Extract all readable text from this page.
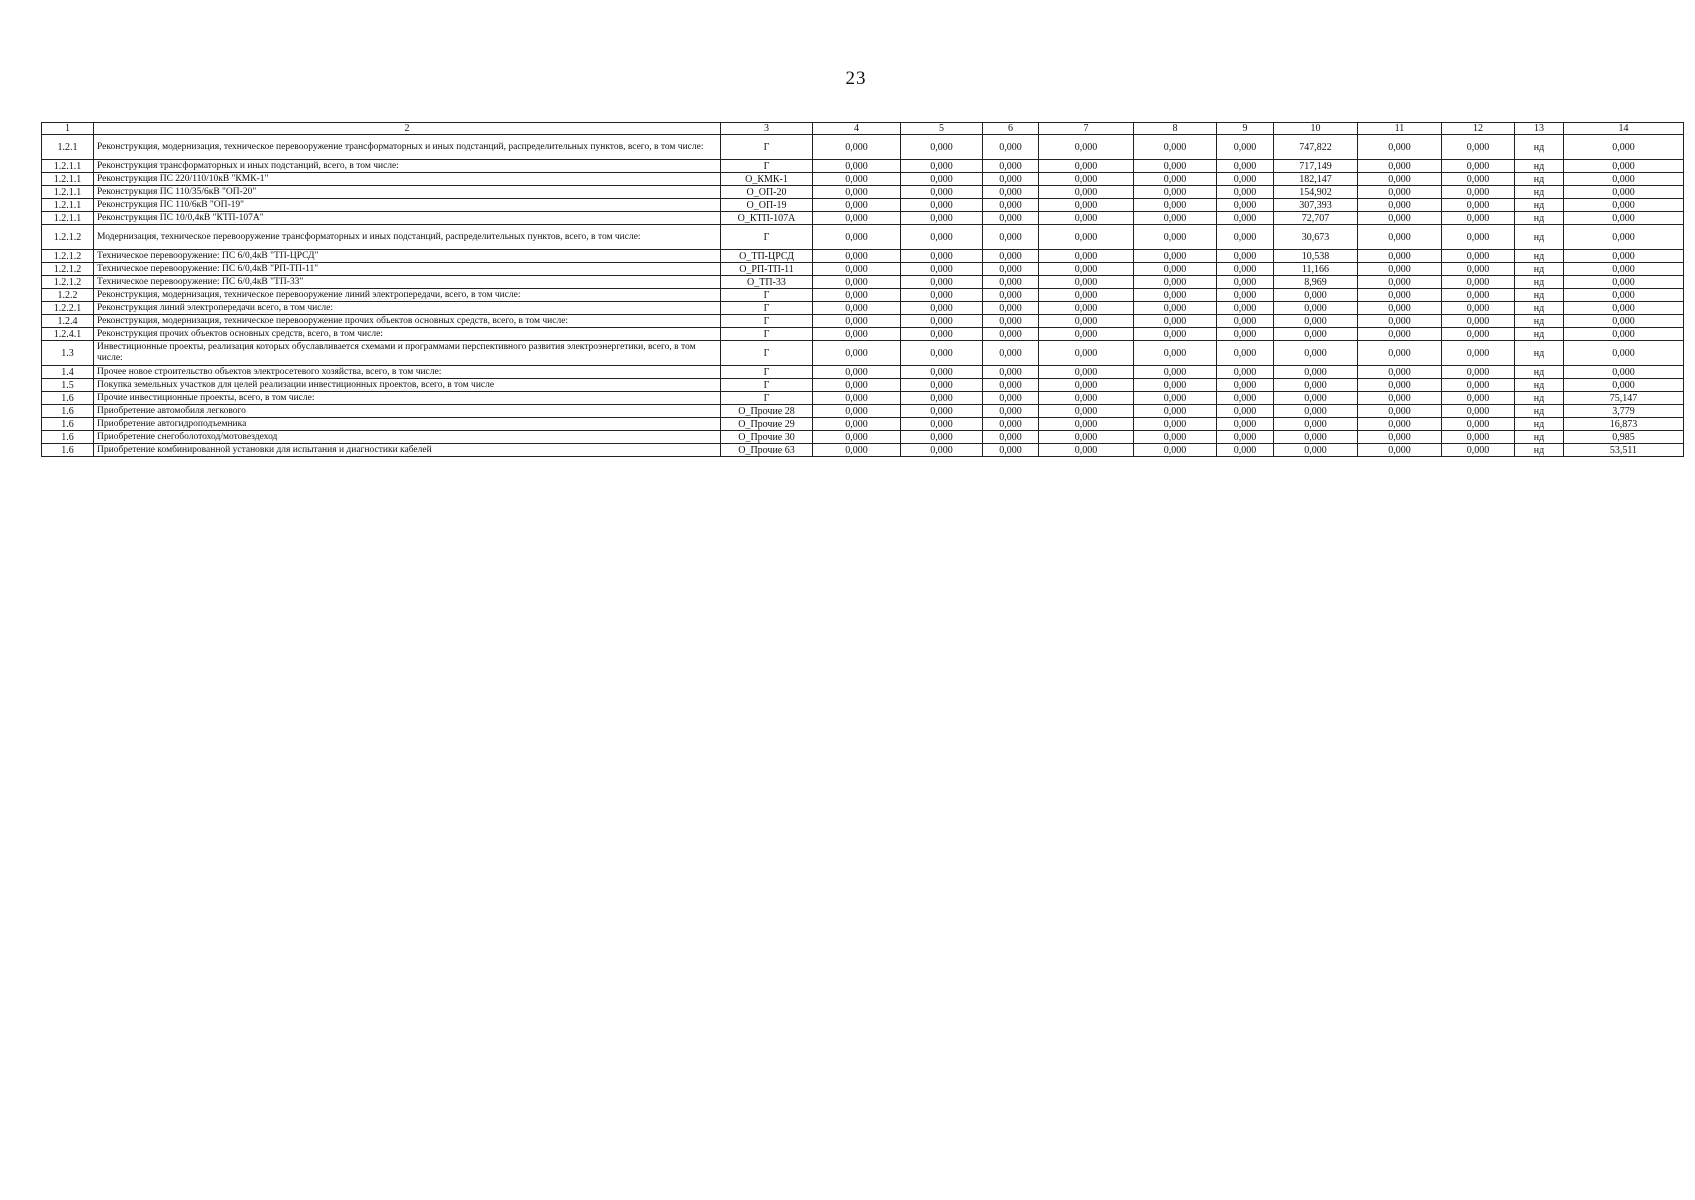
23
1	2	3	4	5	6	7	8	9	10	11	12	13	14
1.2.1	Реконструкция, модернизация, техническое перевооружение трансформаторных и иных подстанций, распределительных пунктов, всего, в том числе:	Г	0,000	0,000	0,000	0,000	0,000	0,000	747,822	0,000	0,000	нд	0,000
1.2.1.1	Реконструкция трансформаторных и иных подстанций, всего, в том числе:	Г	0,000	0,000	0,000	0,000	0,000	0,000	717,149	0,000	0,000	нд	0,000
1.2.1.1	Реконструкция ПС 220/110/10кВ "КМК-1"	О_КМК-1	0,000	0,000	0,000	0,000	0,000	0,000	182,147	0,000	0,000	нд	0,000
1.2.1.1	Реконструкция ПС 110/35/6кВ "ОП-20"	О_ОП-20	0,000	0,000	0,000	0,000	0,000	0,000	154,902	0,000	0,000	нд	0,000
1.2.1.1	Реконструкция ПС 110/6кВ "ОП-19"	О_ОП-19	0,000	0,000	0,000	0,000	0,000	0,000	307,393	0,000	0,000	нд	0,000
1.2.1.1	Реконструкция ПС 10/0,4кВ "КТП-107А"	О_КТП-107А	0,000	0,000	0,000	0,000	0,000	0,000	72,707	0,000	0,000	нд	0,000
1.2.1.2	Модернизация, техническое перевооружение трансформаторных и иных подстанций, распределительных пунктов, всего, в том числе:	Г	0,000	0,000	0,000	0,000	0,000	0,000	30,673	0,000	0,000	нд	0,000
1.2.1.2	Техническое перевооружение: ПС 6/0,4кВ "ТП-ЦРСД"	О_ТП-ЦРСД	0,000	0,000	0,000	0,000	0,000	0,000	10,538	0,000	0,000	нд	0,000
1.2.1.2	Техническое перевооружение: ПС 6/0,4кВ "РП-ТП-11"	О_РП-ТП-11	0,000	0,000	0,000	0,000	0,000	0,000	11,166	0,000	0,000	нд	0,000
1.2.1.2	Техническое перевооружение: ПС 6/0,4кВ "ТП-33"	О_ТП-33	0,000	0,000	0,000	0,000	0,000	0,000	8,969	0,000	0,000	нд	0,000
1.2.2	Реконструкция, модернизация, техническое перевооружение линий электропередачи, всего, в том числе:	Г	0,000	0,000	0,000	0,000	0,000	0,000	0,000	0,000	0,000	нд	0,000
1.2.2.1	Реконструкция линий электропередачи всего, в том числе:	Г	0,000	0,000	0,000	0,000	0,000	0,000	0,000	0,000	0,000	нд	0,000
1.2.4	Реконструкция, модернизация, техническое перевооружение прочих объектов основных средств, всего, в том числе:	Г	0,000	0,000	0,000	0,000	0,000	0,000	0,000	0,000	0,000	нд	0,000
1.2.4.1	Реконструкция прочих объектов основных средств, всего, в том числе:	Г	0,000	0,000	0,000	0,000	0,000	0,000	0,000	0,000	0,000	нд	0,000
1.3	Инвестиционные проекты, реализация которых обуславливается схемами и программами перспективного развития электроэнергетики, всего, в том числе:	Г	0,000	0,000	0,000	0,000	0,000	0,000	0,000	0,000	0,000	нд	0,000
1.4	Прочее новое строительство объектов электросетевого хозяйства, всего, в том числе:	Г	0,000	0,000	0,000	0,000	0,000	0,000	0,000	0,000	0,000	нд	0,000
1.5	Покупка земельных участков для целей реализации инвестиционных проектов, всего, в том числе	Г	0,000	0,000	0,000	0,000	0,000	0,000	0,000	0,000	0,000	нд	0,000
1.6	Прочие инвестиционные проекты, всего, в том числе:	Г	0,000	0,000	0,000	0,000	0,000	0,000	0,000	0,000	0,000	нд	75,147
1.6	Приобретение автомобиля легкового	О_Прочие 28	0,000	0,000	0,000	0,000	0,000	0,000	0,000	0,000	0,000	нд	3,779
1.6	Приобретение автогидроподъемника	О_Прочие 29	0,000	0,000	0,000	0,000	0,000	0,000	0,000	0,000	0,000	нд	16,873
1.6	Приобретение снегоболотоход/мотовездеход	О_Прочие 30	0,000	0,000	0,000	0,000	0,000	0,000	0,000	0,000	0,000	нд	0,985
1.6	Приобретение комбинированной установки для испытания и диагностики кабелей	О_Прочие 63	0,000	0,000	0,000	0,000	0,000	0,000	0,000	0,000	0,000	нд	53,511
